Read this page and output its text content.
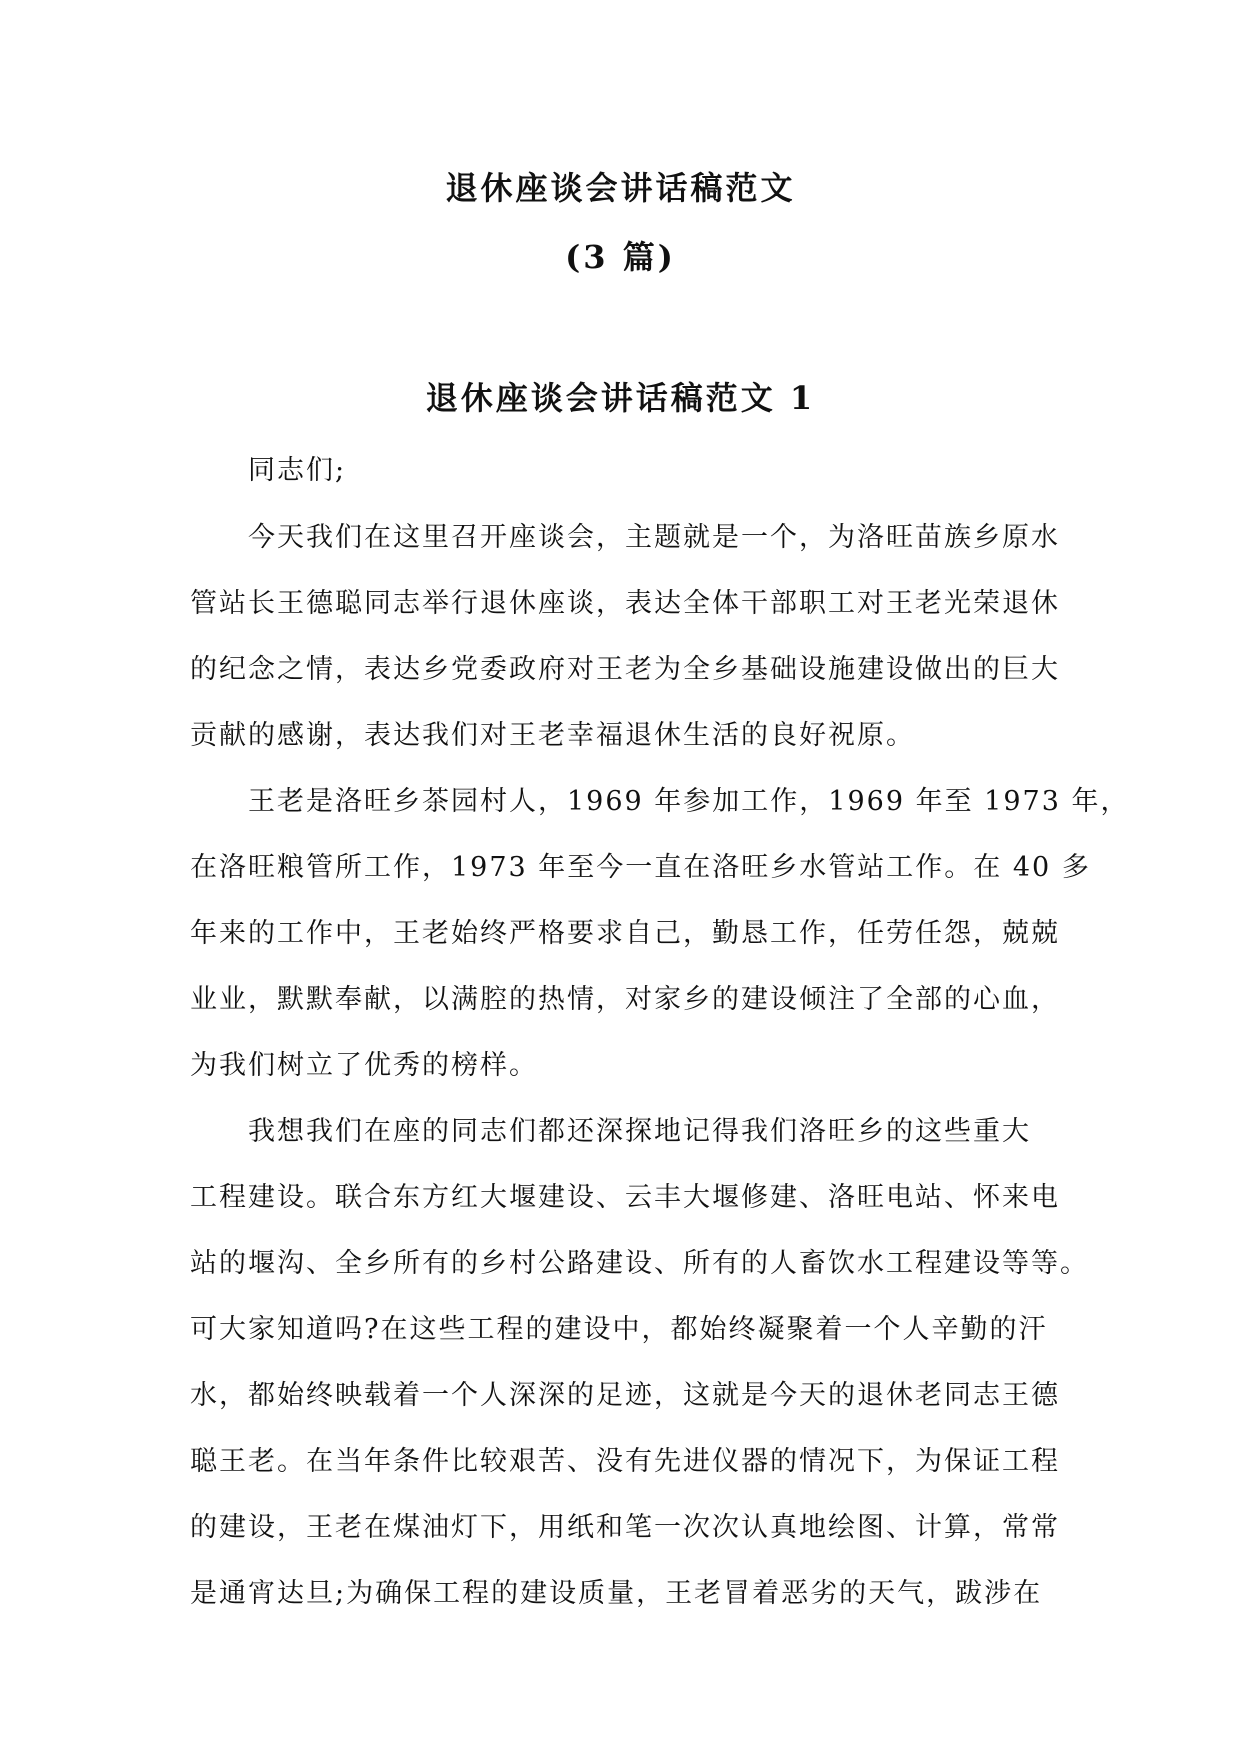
退休座谈会讲话稿范文
(3 篇)
退休座谈会讲话稿范文 1

同志们;

今天我们在这里召开座谈会，主题就是一个，为洛旺苗族乡原水
管站长王德聪同志举行退休座谈，表达全体干部职工对王老光荣退休
的纪念之情，表达乡党委政府对王老为全乡基础设施建设做出的巨大
贡献的感谢，表达我们对王老幸福退休生活的良好祝原。

王老是洛旺乡茶园村人，1969 年参加工作，1969 年至 1973 年，
在洛旺粮管所工作，1973 年至今一直在洛旺乡水管站工作。在 40 多
年来的工作中，王老始终严格要求自己，勤恳工作，任劳任怨，兢兢
业业，默默奉献，以满腔的热情，对家乡的建设倾注了全部的心血，
为我们树立了优秀的榜样。

我想我们在座的同志们都还深探地记得我们洛旺乡的这些重大
工程建设。联合东方红大堰建设、云丰大堰修建、洛旺电站、怀来电
站的堰沟、全乡所有的乡村公路建设、所有的人畜饮水工程建设等等。
可大家知道吗?在这些工程的建设中，都始终凝聚着一个人辛勤的汗
水，都始终映载着一个人深深的足迹，这就是今天的退休老同志王德
聪王老。在当年条件比较艰苦、没有先进仪器的情况下，为保证工程
的建设，王老在煤油灯下，用纸和笔一次次认真地绘图、计算，常常
是通宵达旦;为确保工程的建设质量，王老冒着恶劣的天气，跋涉在
